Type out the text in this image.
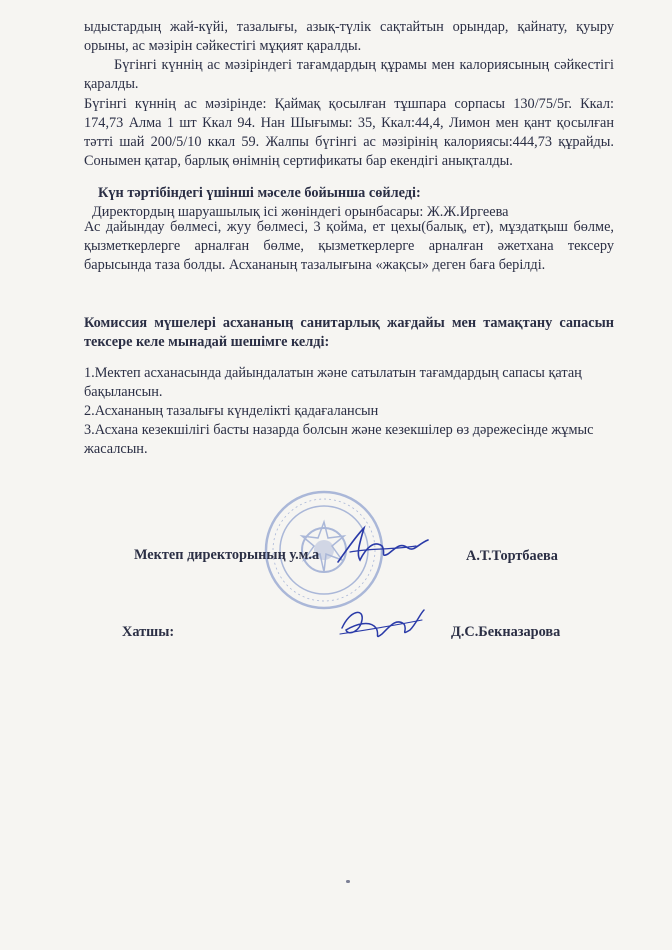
ыдыстардың жай-күйі, тазалығы, азық-түлік сақтайтын орындар, қайнату, қуыру орыны, ас мәзірін сәйкестігі мұқият қаралды.

Бүгінгі күннің ас мәзіріндегі тағамдардың құрамы мен калориясының сәйкестігі қаралды.

Бүгінгі күннің ас мәзірінде: Қаймақ қосылған тұшпара сорпасы 130/75/5г. Ккал: 174,73 Алма 1 шт Ккал 94. Нан Шығымы: 35, Ккал:44,4, Лимон мен қант қосылған тәтті шай 200/5/10 ккал 59. Жалпы бүгінгі ас мәзірінің калориясы:444,73 құрайды. Сонымен қатар, барлық өнімнің сертификаты бар екендігі анықталды.

Күн тәртібіндегі үшінші мәселе бойынша сөйледі:

Директордың шаруашылық ісі жөніндегі орынбасары: Ж.Ж.Иргеева

Ас дайындау бөлмесі, жуу бөлмесі, 3 қойма, ет цехы(балық, ет), мұздатқыш бөлме, қызметкерлерге арналған бөлме, қызметкерлерге арналған әжетхана тексеру барысында таза болды. Асхананың тазалығына «жақсы» деген баға берілді.

Комиссия мүшелері асхананың санитарлық жағдайы мен тамақтану сапасын тексере келе мынадай шешімге келді:

1.Мектеп асханасында дайындалатын және сатылатын тағамдардың сапасы қатаң бақылансын.

2.Асхананың тазалығы күнделікті қадағалансын

3.Асхана кезекшілігі басты назарда болсын және кезекшілер өз дәрежесінде жұмыс жасалсын.

Мектеп директорының у.м.а	А.Т.Тортбаева

Хатшы:	Д.С.Бекназарова
